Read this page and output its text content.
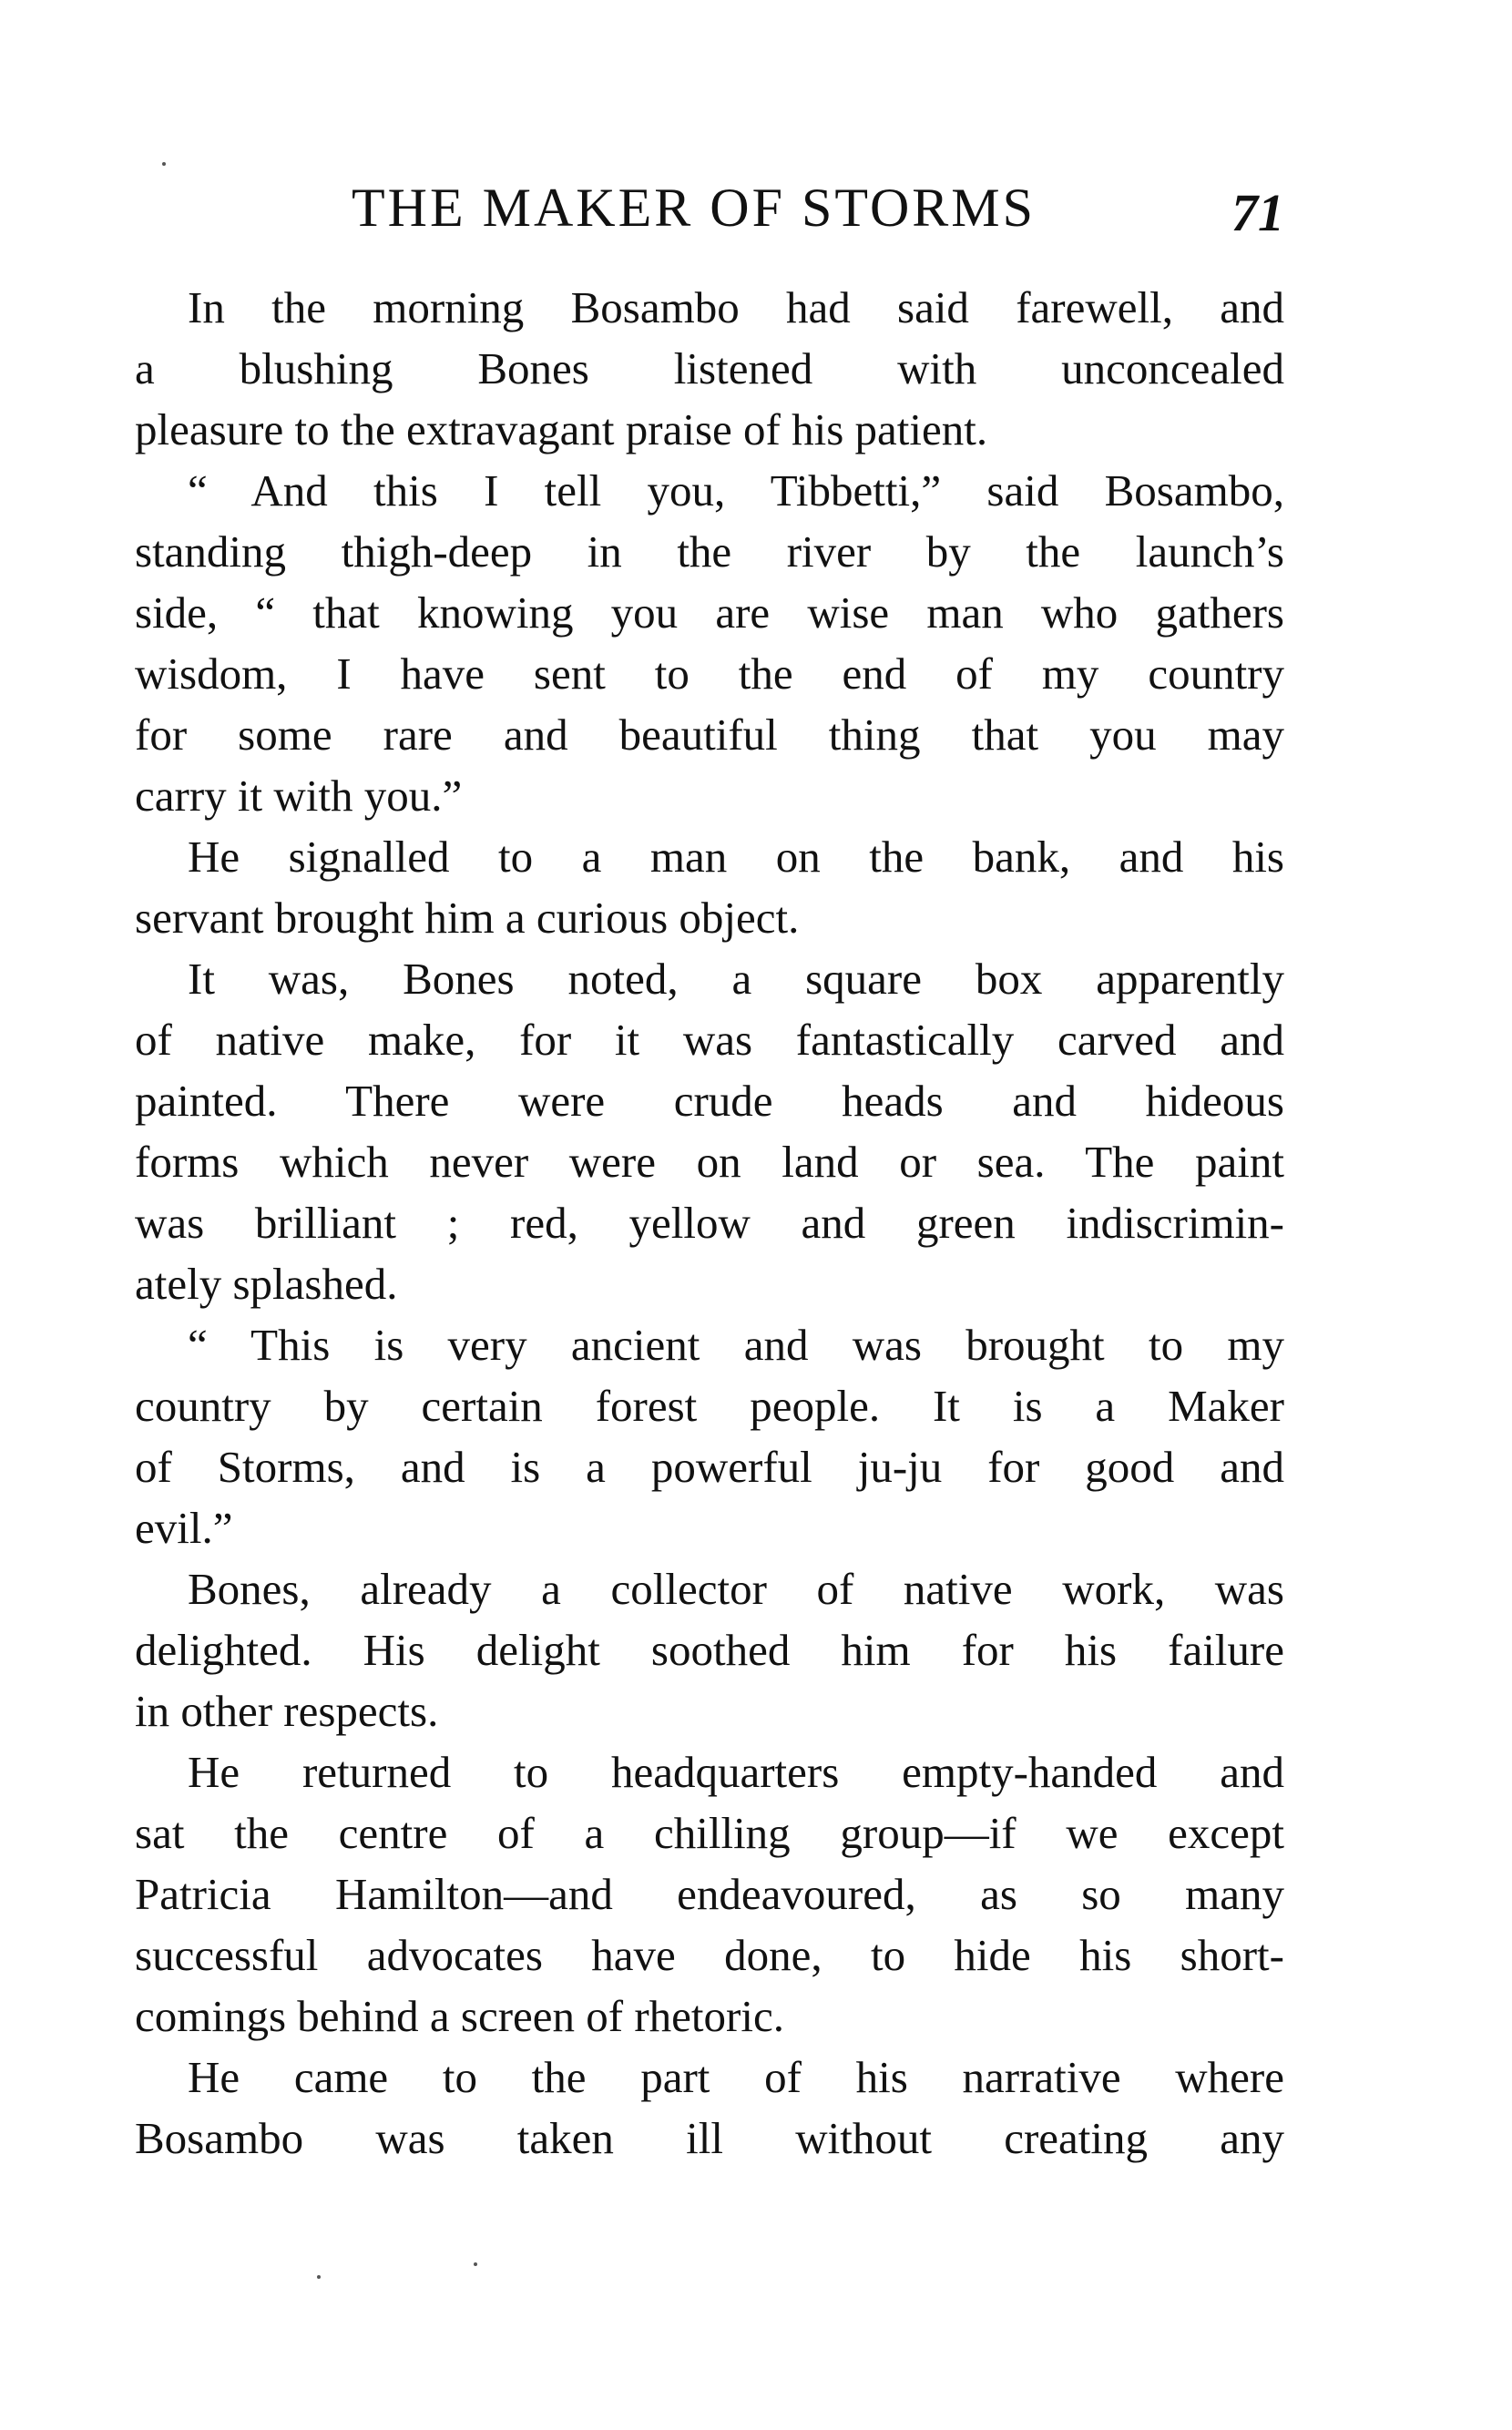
THE MAKER OF STORMS	71

In the morning Bosambo had said farewell, and
a blushing Bones listened with unconcealed
pleasure to the extravagant praise of his patient.

“ And this I tell you, Tibbetti,” said Bosambo,
standing thigh-deep in the river by the launch’s
side, “ that knowing you are wise man who gathers
wisdom, I have sent to the end of my country
for some rare and beautiful thing that you may
carry it with you.”

He signalled to a man on the bank, and his
servant brought him a curious object.

It was, Bones noted, a square box apparently
of native make, for it was fantastically carved and
painted. There were crude heads and hideous
forms which never were on land or sea. The paint
was brilliant ; red, yellow and green indiscrimin-
ately splashed.

“ This is very ancient and was brought to my
country by certain forest people. It is a Maker
of Storms, and is a powerful ju-ju for good and
evil.”

Bones, already a collector of native work, was
delighted. His delight soothed him for his failure
in other respects.

He returned to headquarters empty-handed and
sat the centre of a chilling group—if we except
Patricia Hamilton—and endeavoured, as so many
successful advocates have done, to hide his short-
comings behind a screen of rhetoric.

He came to the part of his narrative where
Bosambo was taken ill without creating any
